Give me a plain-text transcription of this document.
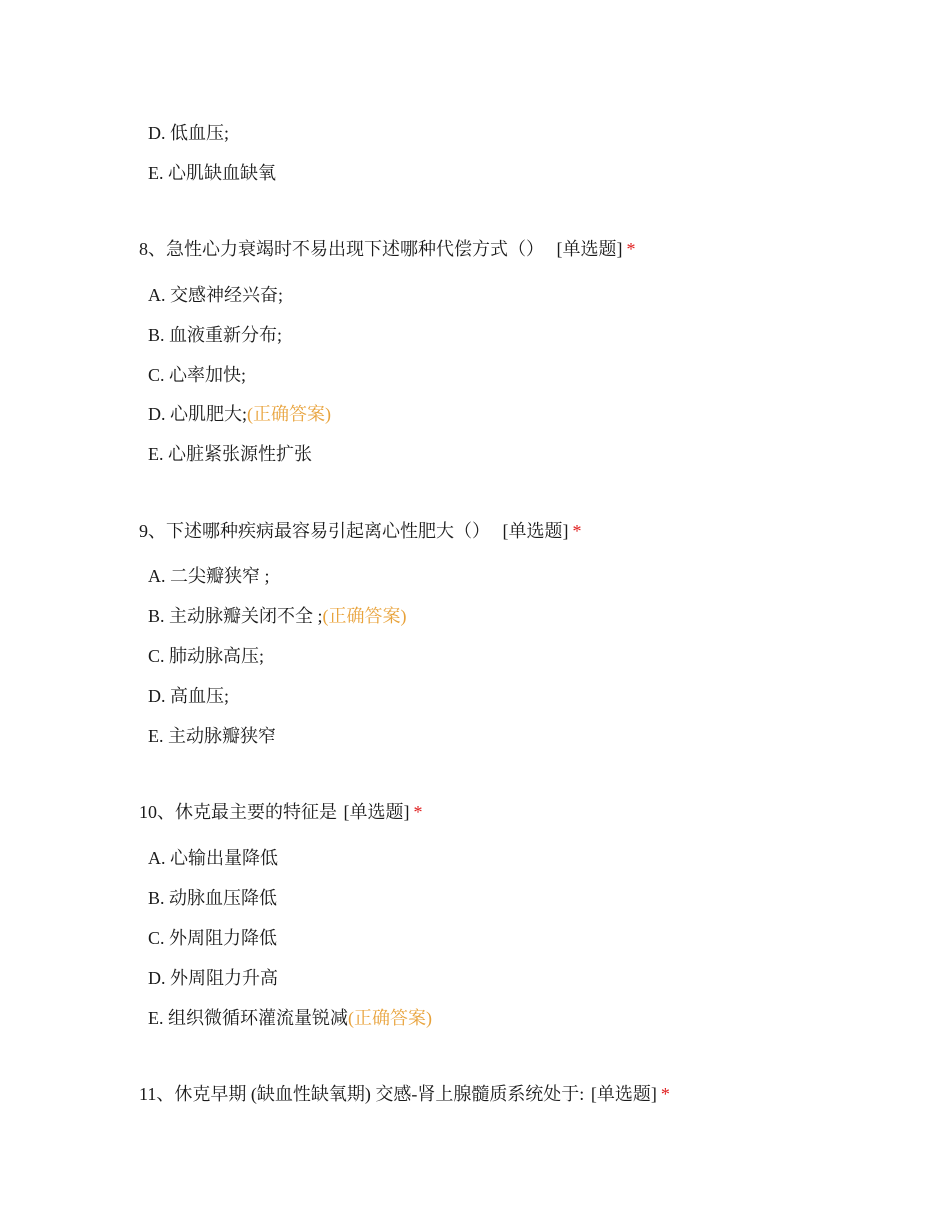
D. 低血压;
E. 心肌缺血缺氧
8、急性心力衰竭时不易出现下述哪种代偿方式（） [单选题] *
A. 交感神经兴奋;
B. 血液重新分布;
C. 心率加快;
D. 心肌肥大;(正确答案)
E. 心脏紧张源性扩张
9、下述哪种疾病最容易引起离心性肥大（） [单选题] *
A. 二尖瓣狭窄 ;
B. 主动脉瓣关闭不全 ;(正确答案)
C. 肺动脉高压;
D. 高血压;
E. 主动脉瓣狭窄
10、休克最主要的特征是 [单选题] *
A. 心输出量降低
B. 动脉血压降低
C. 外周阻力降低
D. 外周阻力升高
E. 组织微循环灌流量锐减(正确答案)
11、休克早期 (缺血性缺氧期) 交感-肾上腺髓质系统处于: [单选题] *
